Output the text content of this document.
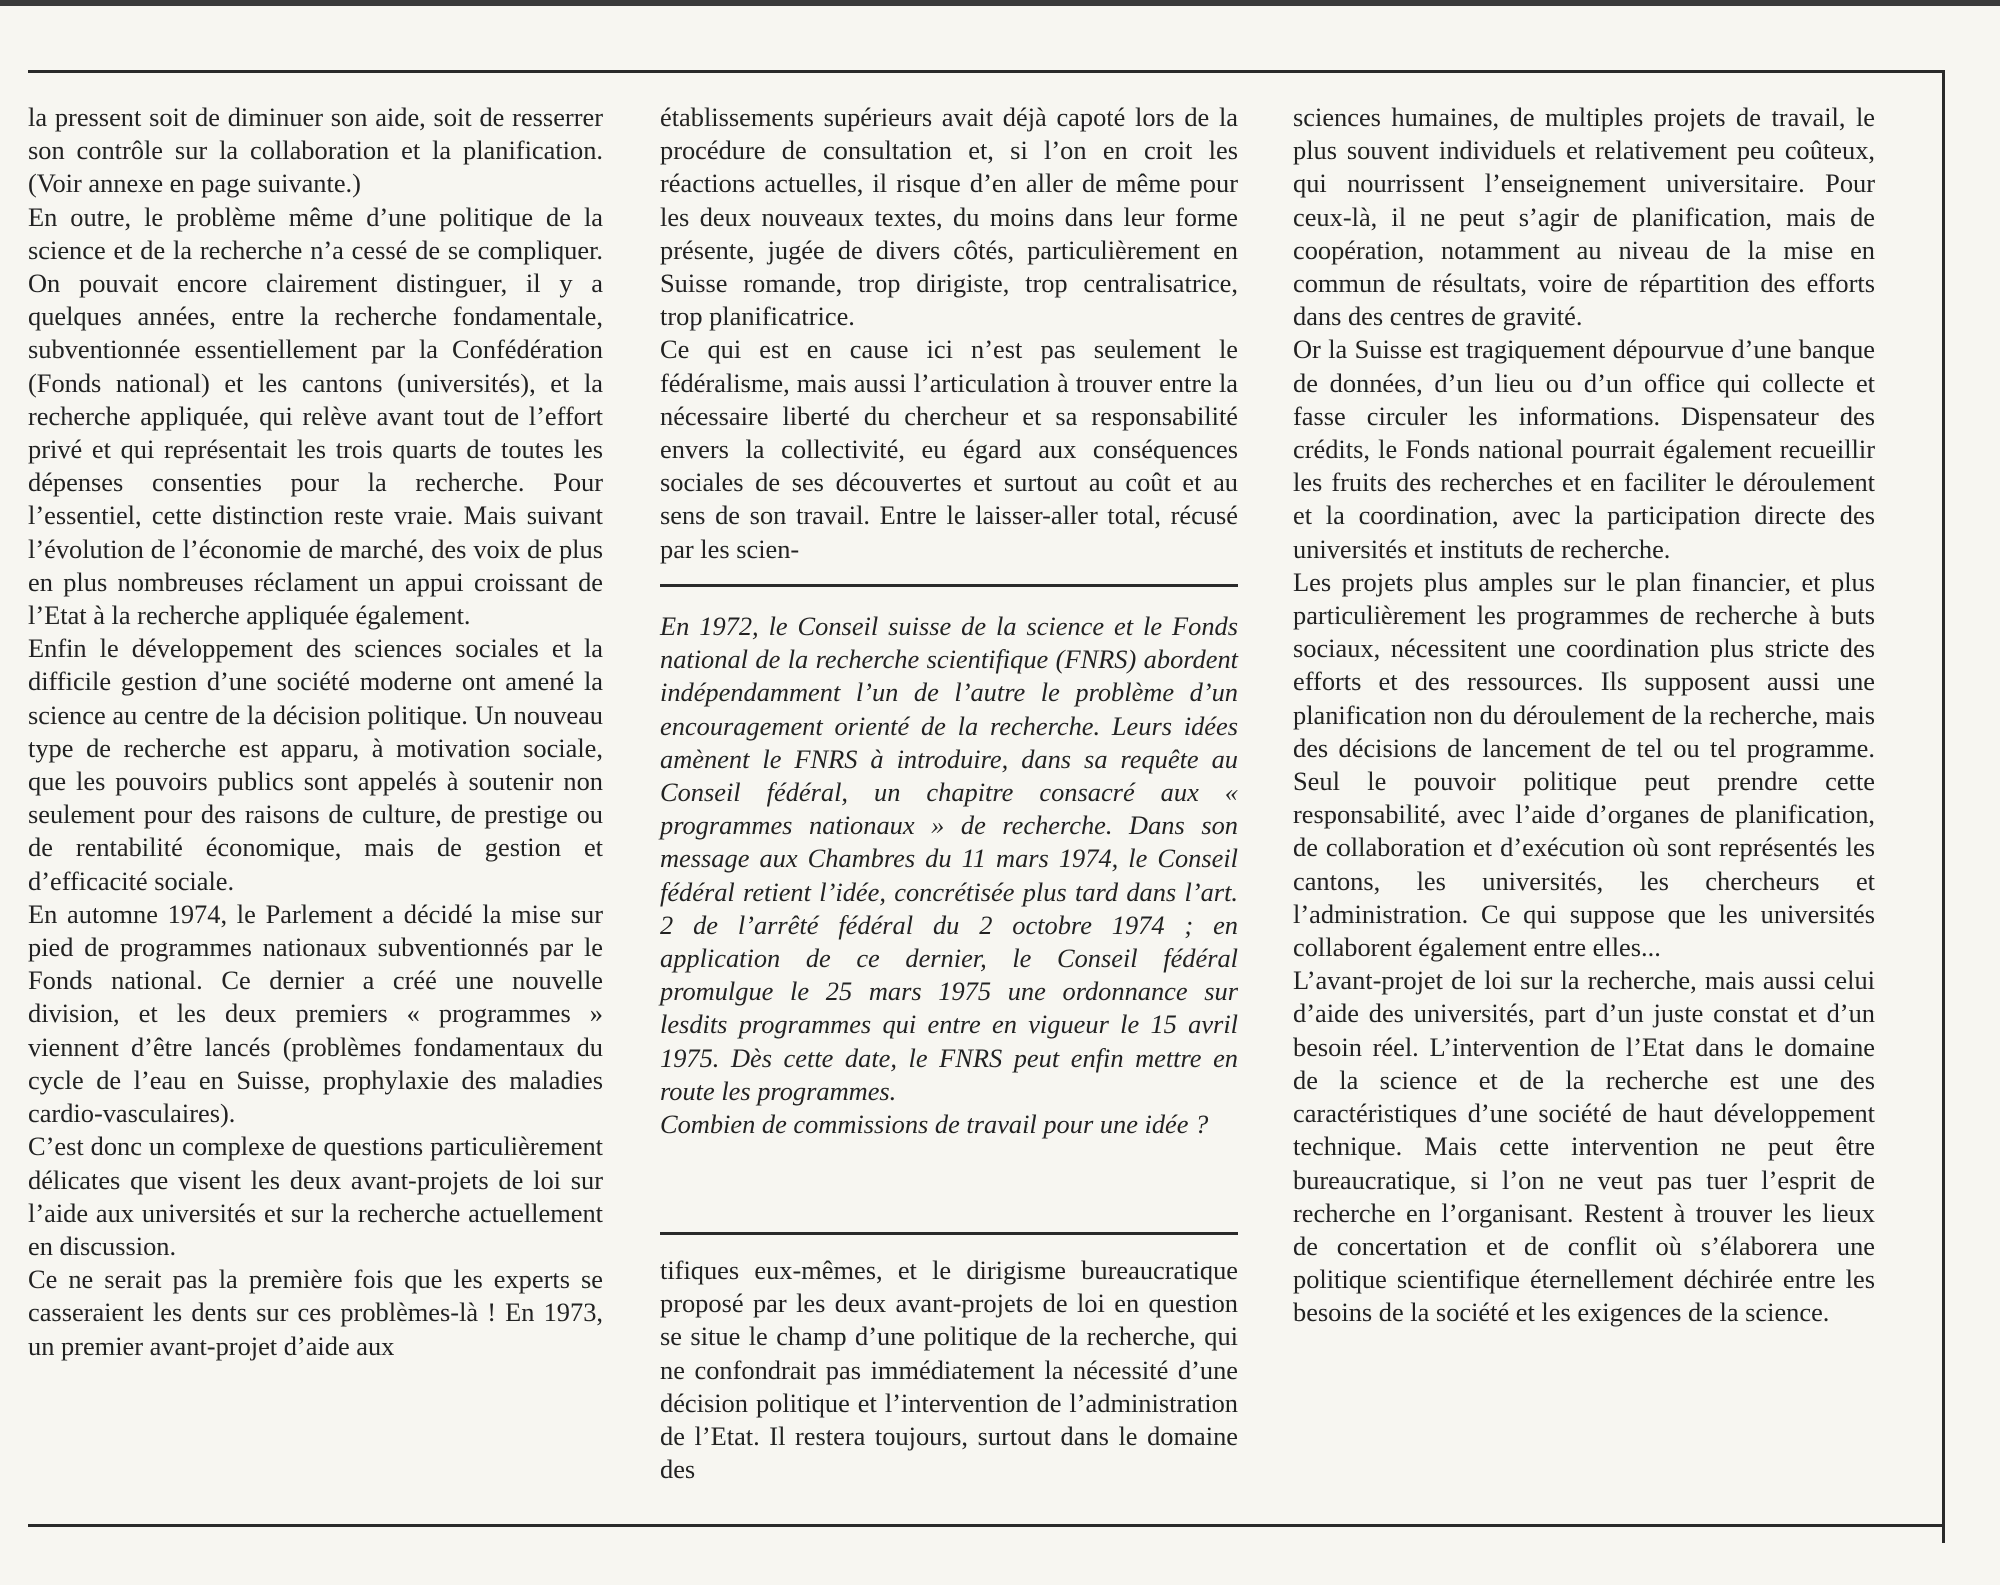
la pressent soit de diminuer son aide, soit de resserrer son contrôle sur la collaboration et la planification. (Voir annexe en page suivante.)

En outre, le problème même d’une politique de la science et de la recherche n’a cessé de se compliquer. On pouvait encore clairement distinguer, il y a quelques années, entre la recherche fondamentale, subventionnée essentiellement par la Confédération (Fonds national) et les cantons (universités), et la recherche appliquée, qui relève avant tout de l’effort privé et qui représentait les trois quarts de toutes les dépenses consenties pour la recherche. Pour l’essentiel, cette distinction reste vraie. Mais suivant l’évolution de l’économie de marché, des voix de plus en plus nombreuses réclament un appui croissant de l’Etat à la recherche appliquée également.

Enfin le développement des sciences sociales et la difficile gestion d’une société moderne ont amené la science au centre de la décision politique. Un nouveau type de recherche est apparu, à motivation sociale, que les pouvoirs publics sont appelés à soutenir non seulement pour des raisons de culture, de prestige ou de rentabilité économique, mais de gestion et d’efficacité sociale.

En automne 1974, le Parlement a décidé la mise sur pied de programmes nationaux subventionnés par le Fonds national. Ce dernier a créé une nouvelle division, et les deux premiers « programmes » viennent d’être lancés (problèmes fondamentaux du cycle de l’eau en Suisse, prophylaxie des maladies cardio-vasculaires).

C’est donc un complexe de questions particulièrement délicates que visent les deux avant-projets de loi sur l’aide aux universités et sur la recherche actuellement en discussion.

Ce ne serait pas la première fois que les experts se casseraient les dents sur ces problèmes-là ! En 1973, un premier avant-projet d’aide aux

établissements supérieurs avait déjà capoté lors de la procédure de consultation et, si l’on en croit les réactions actuelles, il risque d’en aller de même pour les deux nouveaux textes, du moins dans leur forme présente, jugée de divers côtés, particulièrement en Suisse romande, trop dirigiste, trop centralisatrice, trop planificatrice.

Ce qui est en cause ici n’est pas seulement le fédéralisme, mais aussi l’articulation à trouver entre la nécessaire liberté du chercheur et sa responsabilité envers la collectivité, eu égard aux conséquences sociales de ses découvertes et surtout au coût et au sens de son travail. Entre le laisser-aller total, récusé par les scien-

En 1972, le Conseil suisse de la science et le Fonds national de la recherche scientifique (FNRS) abordent indépendamment l’un de l’autre le problème d’un encouragement orienté de la recherche. Leurs idées amènent le FNRS à introduire, dans sa requête au Conseil fédéral, un chapitre consacré aux « programmes nationaux » de recherche. Dans son message aux Chambres du 11 mars 1974, le Conseil fédéral retient l’idée, concrétisée plus tard dans l’art. 2 de l’arrêté fédéral du 2 octobre 1974 ; en application de ce dernier, le Conseil fédéral promulgue le 25 mars 1975 une ordonnance sur lesdits programmes qui entre en vigueur le 15 avril 1975. Dès cette date, le FNRS peut enfin mettre en route les programmes.

Combien de commissions de travail pour une idée ?

tifiques eux-mêmes, et le dirigisme bureaucratique proposé par les deux avant-projets de loi en question se situe le champ d’une politique de la recherche, qui ne confondrait pas immédiatement la nécessité d’une décision politique et l’intervention de l’administration de l’Etat. Il restera toujours, surtout dans le domaine des

sciences humaines, de multiples projets de travail, le plus souvent individuels et relativement peu coûteux, qui nourrissent l’enseignement universitaire. Pour ceux-là, il ne peut s’agir de planification, mais de coopération, notamment au niveau de la mise en commun de résultats, voire de répartition des efforts dans des centres de gravité.

Or la Suisse est tragiquement dépourvue d’une banque de données, d’un lieu ou d’un office qui collecte et fasse circuler les informations. Dispensateur des crédits, le Fonds national pourrait également recueillir les fruits des recherches et en faciliter le déroulement et la coordination, avec la participation directe des universités et instituts de recherche.

Les projets plus amples sur le plan financier, et plus particulièrement les programmes de recherche à buts sociaux, nécessitent une coordination plus stricte des efforts et des ressources. Ils supposent aussi une planification non du déroulement de la recherche, mais des décisions de lancement de tel ou tel programme. Seul le pouvoir politique peut prendre cette responsabilité, avec l’aide d’organes de planification, de collaboration et d’exécution où sont représentés les cantons, les universités, les chercheurs et l’administration. Ce qui suppose que les universités collaborent également entre elles...

L’avant-projet de loi sur la recherche, mais aussi celui d’aide des universités, part d’un juste constat et d’un besoin réel. L’intervention de l’Etat dans le domaine de la science et de la recherche est une des caractéristiques d’une société de haut développement technique. Mais cette intervention ne peut être bureaucratique, si l’on ne veut pas tuer l’esprit de recherche en l’organisant. Restent à trouver les lieux de concertation et de conflit où s’élaborera une politique scientifique éternellement déchirée entre les besoins de la société et les exigences de la science.
